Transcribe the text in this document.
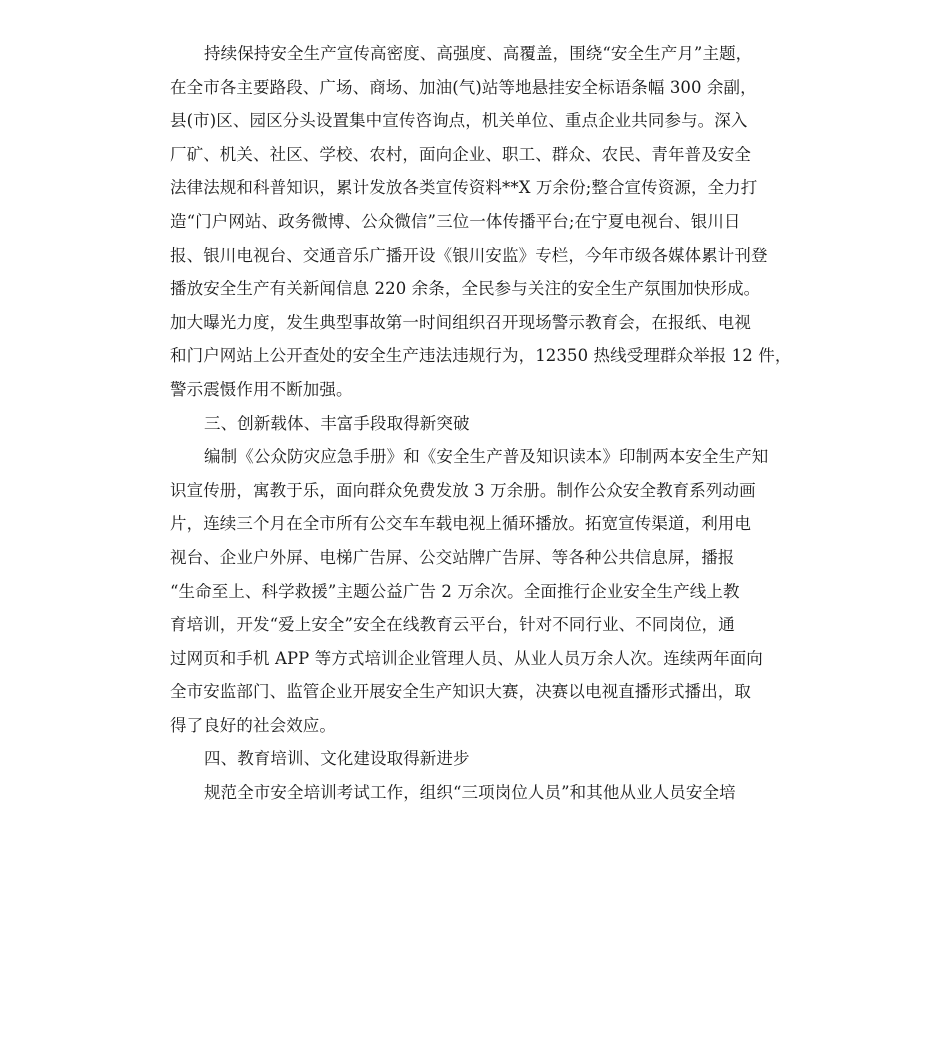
持续保持安全生产宣传高密度、高强度、高覆盖，围绕“安全生产月”主题，
在全市各主要路段、广场、商场、加油(气)站等地悬挂安全标语条幅 300 余副，
县(市)区、园区分头设置集中宣传咨询点，机关单位、重点企业共同参与。深入
厂矿、机关、社区、学校、农村，面向企业、职工、群众、农民、青年普及安全
法律法规和科普知识，累计发放各类宣传资料**X 万余份;整合宣传资源，全力打
造“门户网站、政务微博、公众微信”三位一体传播平台;在宁夏电视台、银川日
报、银川电视台、交通音乐广播开设《银川安监》专栏，今年市级各媒体累计刊登
播放安全生产有关新闻信息 220 余条，全民参与关注的安全生产氛围加快形成。
加大曝光力度，发生典型事故第一时间组织召开现场警示教育会，在报纸、电视
和门户网站上公开查处的安全生产违法违规行为，12350 热线受理群众举报 12 件，
警示震慑作用不断加强。
三、创新载体、丰富手段取得新突破
编制《公众防灾应急手册》和《安全生产普及知识读本》印制两本安全生产知
识宣传册，寓教于乐，面向群众免费发放 3 万余册。制作公众安全教育系列动画
片，连续三个月在全市所有公交车车载电视上循环播放。拓宽宣传渠道，利用电
视台、企业户外屏、电梯广告屏、公交站牌广告屏、等各种公共信息屏，播报
“生命至上、科学救援”主题公益广告 2 万余次。全面推行企业安全生产线上教
育培训，开发“爱上安全”安全在线教育云平台，针对不同行业、不同岗位，通
过网页和手机 APP 等方式培训企业管理人员、从业人员万余人次。连续两年面向
全市安监部门、监管企业开展安全生产知识大赛，决赛以电视直播形式播出，取
得了良好的社会效应。
四、教育培训、文化建设取得新进步
规范全市安全培训考试工作，组织“三项岗位人员”和其他从业人员安全培
